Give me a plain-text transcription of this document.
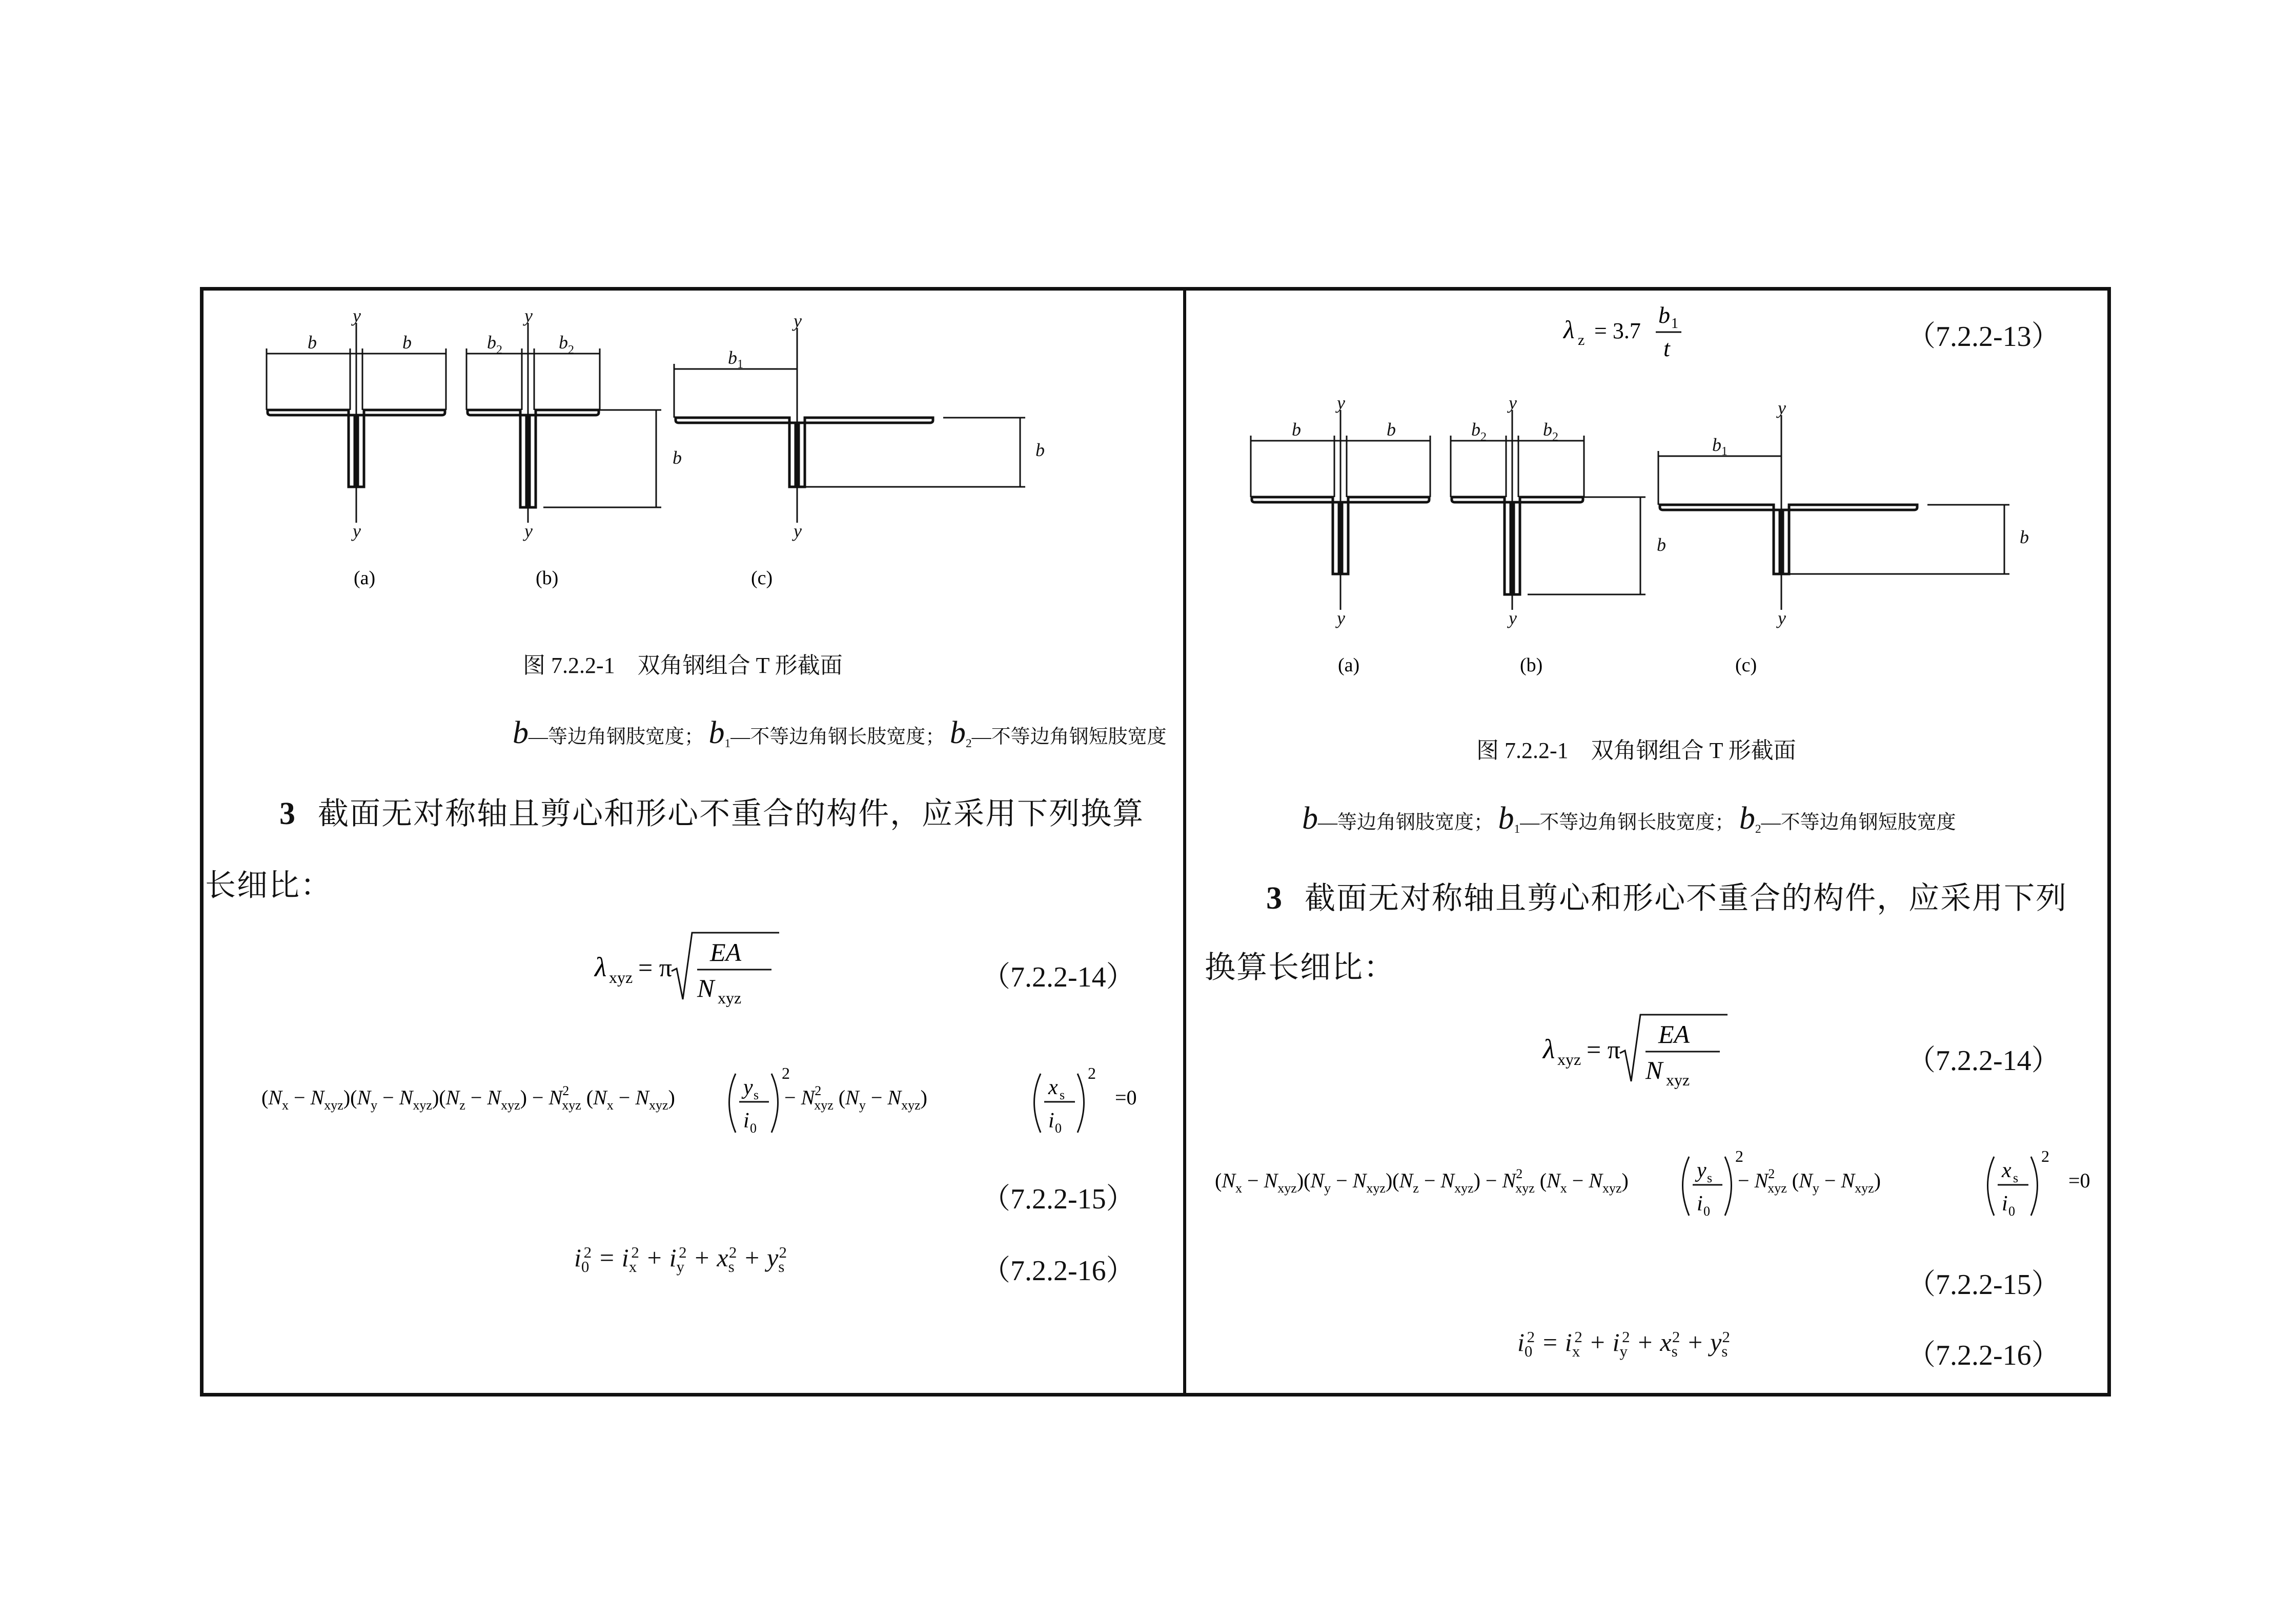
b	b
y
y
b 2	b 2
y
y
b
b 1
y
y
b
(a)	(b)	(c)
图 7.2.2-1　双角钢组合 T 形截面
b—等边角钢肢宽度； $b_1—$不等边角钢长肢宽度； $b_2—$不等边角钢短肢宽度
3 截面无对称轴且剪心和形心不重合的构件，应采用下列换算
长细比：
λ xyz = π
EA
N xyz
（7.2.2-14）
$(N_x - N_{xyz})(N_y - N_{xyz})(N_z - N_{xyz}) - N^2$ xyz $(N_x - N_{xyz})$	− $N^2$ xyz $(N_y - N_{xyz})$	=0
y s
i 0
2
x s
i 0
2
（7.2.2-15）
$i_0^2 = i_x^2 + i_y^2 + x_s^2 + y_s^2$
（7.2.2-16）
λ z = 3.7
b 1
t	（7.2.2-13）
b	b
y
y
b 2	b 2
y
y
b
b 1
y
y
b
(a)	(b)	(c)
图 7.2.2-1　双角钢组合 T 形截面
b—等边角钢肢宽度； $b_1—$不等边角钢长肢宽度； $b_2—$不等边角钢短肢宽度
3 截面无对称轴且剪心和形心不重合的构件，应采用下列
换算长细比：
λ xyz = π
EA
N xyz
（7.2.2-14）
$(N_x - N_{xyz})(N_y - N_{xyz})(N_z - N_{xyz}) - N^2$ xyz $(N_x - N_{xyz})$	− $N^2$ xyz $(N_y - N_{xyz})$	=0
y s
i 0
2
x s
i 0
2
（7.2.2-15）
$i_0^2 = i_x^2 + i_y^2 + x_s^2 + y_s^2$
（7.2.2-16）
